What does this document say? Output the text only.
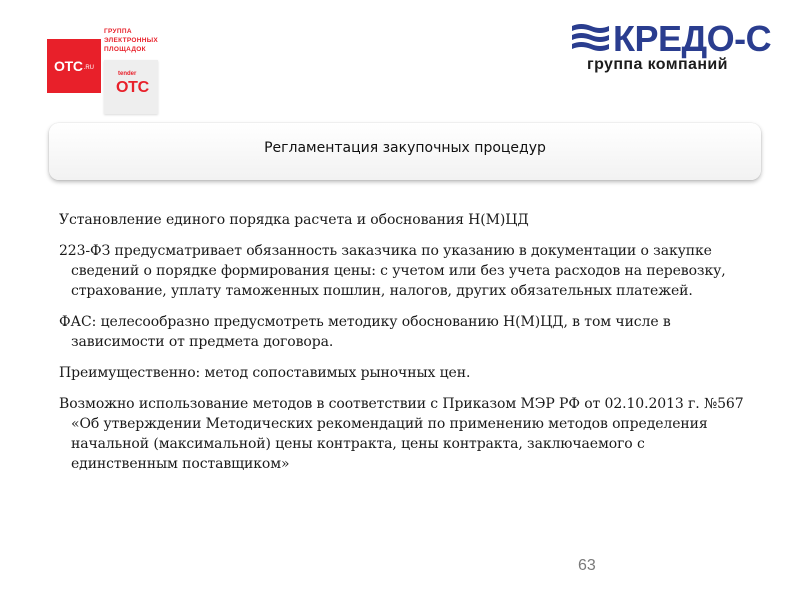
OTC .RU
ГРУППА
ЭЛЕКТРОННЫХ
ПЛОЩАДОК
tender
OTC
КРЕДО-С
группа компаний
Регламентация закупочных процедур

Установление единого порядка расчета и обоснования Н(М)ЦД

223-ФЗ предусматривает обязанность заказчика по указанию в документации о закупке сведений о порядке формирования цены: с учетом или без учета расходов на перевозку, страхование, уплату таможенных пошлин, налогов, других обязательных платежей.

ФАС: целесообразно предусмотреть методику обоснованию Н(М)ЦД, в том числе в зависимости от предмета договора.

Преимущественно: метод сопоставимых рыночных цен.

Возможно использование методов в соответствии с Приказом МЭР РФ от 02.10.2013 г. №567 «Об утверждении Методических рекомендаций по применению методов определения начальной (максимальной) цены контракта, цены контракта, заключаемого с единственным поставщиком»

63
